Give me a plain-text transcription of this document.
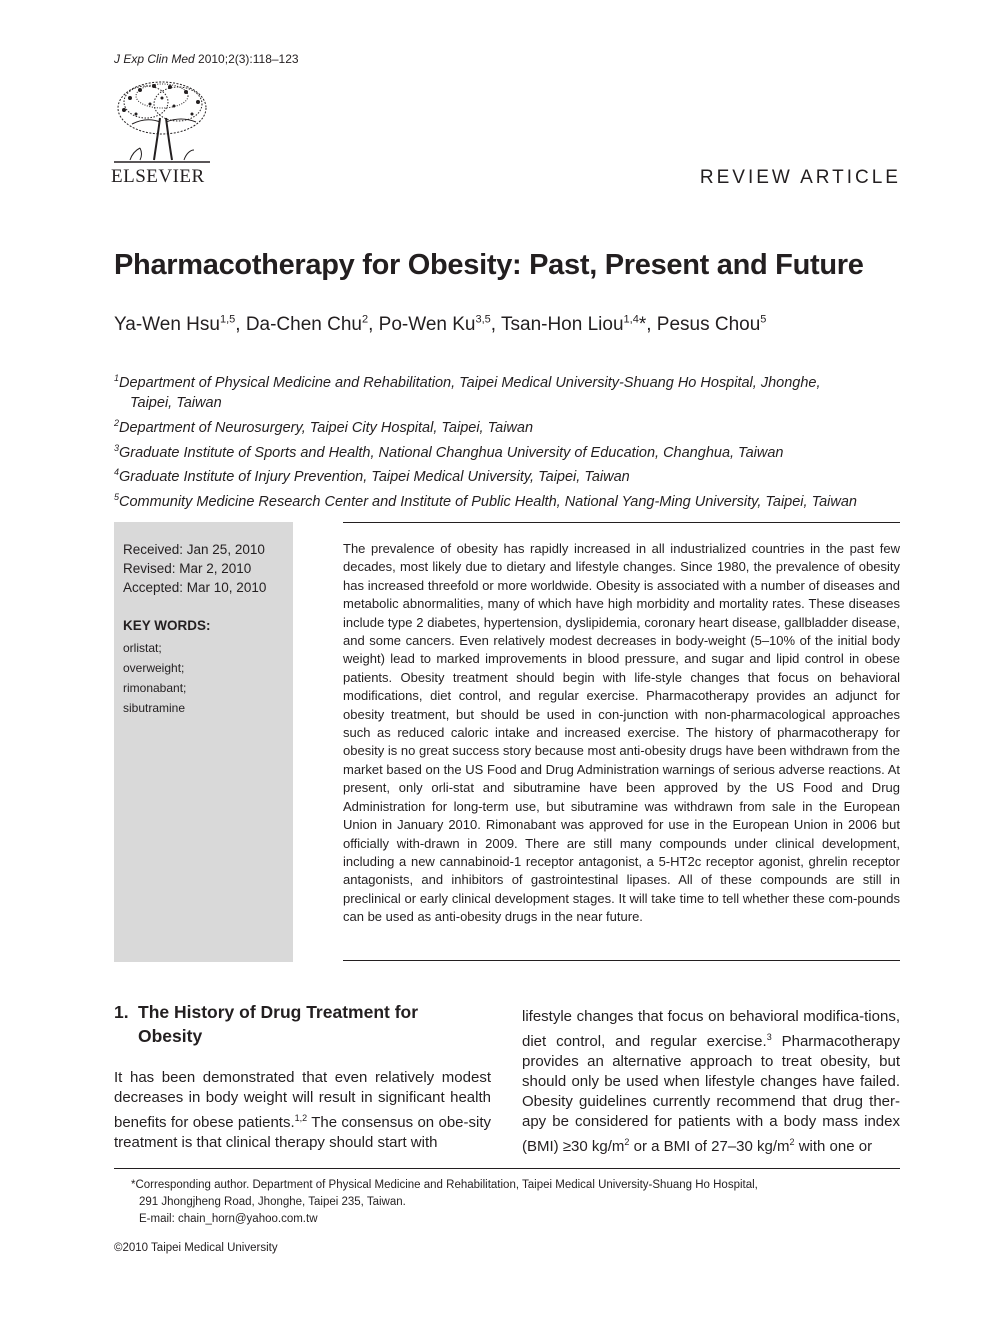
J Exp Clin Med 2010;2(3):118–123
ELSEVIER	REVIEW ARTICLE
Pharmacotherapy for Obesity: Past, Present and Future
Ya-Wen Hsu$^{1,5}$, Da-Chen Chu$^2$, Po-Wen Ku$^{3,5}$, Tsan-Hon Liou$^{1,4}$*, Pesus Chou$^5$
$^1$Department of Physical Medicine and Rehabilitation, Taipei Medical University-Shuang Ho Hospital, Jhonghe,
Taipei, Taiwan
$^2$Department of Neurosurgery, Taipei City Hospital, Taipei, Taiwan
$^3$Graduate Institute of Sports and Health, National Changhua University of Education, Changhua, Taiwan
$^4$Graduate Institute of Injury Prevention, Taipei Medical University, Taipei, Taiwan
$^5$Community Medicine Research Center and Institute of Public Health, National Yang-Ming University, Taipei, Taiwan
Received: Jan 25, 2010
Revised: Mar 2, 2010
Accepted: Mar 10, 2010
KEY WORDS:
orlistat;
overweight;
rimonabant;
sibutramine
The prevalence of obesity has rapidly increased in all industrialized countries in the past few decades, most likely due to dietary and lifestyle changes. Since 1980, the prevalence of obesity has increased threefold or more worldwide. Obesity is associated with a number of diseases and metabolic abnormalities, many of which have high morbidity and mortality rates. These diseases include type 2 diabetes, hypertension, dyslipidemia, coronary heart disease, gallbladder disease, and some cancers. Even relatively modest decreases in body-weight (5–10% of the initial body weight) lead to marked improvements in blood pressure, and sugar and lipid control in obese patients. Obesity treatment should begin with life-style changes that focus on behavioral modifications, diet control, and regular exercise. Pharmacotherapy provides an adjunct for obesity treatment, but should be used in con-junction with non-pharmacological approaches such as reduced caloric intake and increased exercise. The history of pharmacotherapy for obesity is no great success story because most anti-obesity drugs have been withdrawn from the market based on the US Food and Drug Administration warnings of serious adverse reactions. At present, only orli-stat and sibutramine have been approved by the US Food and Drug Administration for long-term use, but sibutramine was withdrawn from sale in the European Union in January 2010. Rimonabant was approved for use in the European Union in 2006 but officially with-drawn in 2009. There are still many compounds under clinical development, including a new cannabinoid-1 receptor antagonist, a 5-HT2c receptor agonist, ghrelin receptor antagonists, and inhibitors of gastrointestinal lipases. All of these compounds are still in preclinical or early clinical development stages. It will take time to tell whether these com-pounds can be used as anti-obesity drugs in the near future.
1. The History of Drug Treatment for Obesity
It has been demonstrated that even relatively modest decreases in body weight will result in significant health benefits for obese patients.$^{1,2}$ The consensus on obe-sity treatment is that clinical therapy should start with
lifestyle changes that focus on behavioral modifica-tions, diet control, and regular exercise.$^3$ Pharmacotherapy provides an alternative approach to treat obesity, but should only be used when lifestyle changes have failed. Obesity guidelines currently recommend that drug ther-apy be considered for patients with a body mass index (BMI) ≥30 $kg/m^2$ or a BMI of 27–30 $kg/m^2$ with one or
*Corresponding author. Department of Physical Medicine and Rehabilitation, Taipei Medical University-Shuang Ho Hospital,
291 Jhongjheng Road, Jhonghe, Taipei 235, Taiwan.
E-mail: chain_horn@yahoo.com.tw
©2010 Taipei Medical University
